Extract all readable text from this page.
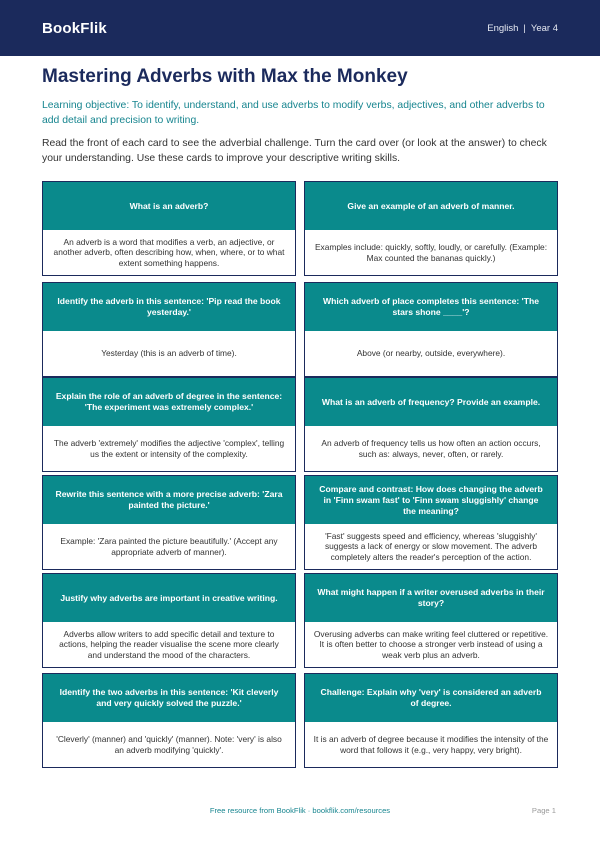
BookFlik	English | Year 4
Mastering Adverbs with Max the Monkey

Learning objective: To identify, understand, and use adverbs to modify verbs, adjectives, and other adverbs to add detail and precision to writing.

Read the front of each card to see the adverbial challenge. Turn the card over (or look at the answer) to check your understanding. Use these cards to improve your descriptive writing skills.

What is an adverb?
An adverb is a word that modifies a verb, an adjective, or another adverb, often describing how, when, where, or to what extent something happens.
Give an example of an adverb of manner.
Examples include: quickly, softly, loudly, or carefully. (Example: Max counted the bananas quickly.)
Identify the adverb in this sentence: 'Pip read the book yesterday.'
Yesterday (this is an adverb of time).
Which adverb of place completes this sentence: 'The stars shone ____'?
Above (or nearby, outside, everywhere).
Explain the role of an adverb of degree in the sentence: 'The experiment was extremely complex.'
The adverb 'extremely' modifies the adjective 'complex', telling us the extent or intensity of the complexity.
What is an adverb of frequency? Provide an example.
An adverb of frequency tells us how often an action occurs, such as: always, never, often, or rarely.
Rewrite this sentence with a more precise adverb: 'Zara painted the picture.'
Example: 'Zara painted the picture beautifully.' (Accept any appropriate adverb of manner).
Compare and contrast: How does changing the adverb in 'Finn swam fast' to 'Finn swam sluggishly' change the meaning?
'Fast' suggests speed and efficiency, whereas 'sluggishly' suggests a lack of energy or slow movement. The adverb completely alters the reader's perception of the action.
Justify why adverbs are important in creative writing.
Adverbs allow writers to add specific detail and texture to actions, helping the reader visualise the scene more clearly and understand the mood of the characters.
What might happen if a writer overused adverbs in their story?
Overusing adverbs can make writing feel cluttered or repetitive. It is often better to choose a stronger verb instead of using a weak verb plus an adverb.
Identify the two adverbs in this sentence: 'Kit cleverly and very quickly solved the puzzle.'
'Cleverly' (manner) and 'quickly' (manner). Note: 'very' is also an adverb modifying 'quickly'.
Challenge: Explain why 'very' is considered an adverb of degree.
It is an adverb of degree because it modifies the intensity of the word that follows it (e.g., very happy, very bright).
Free resource from BookFlik · bookflik.com/resources	Page 1
